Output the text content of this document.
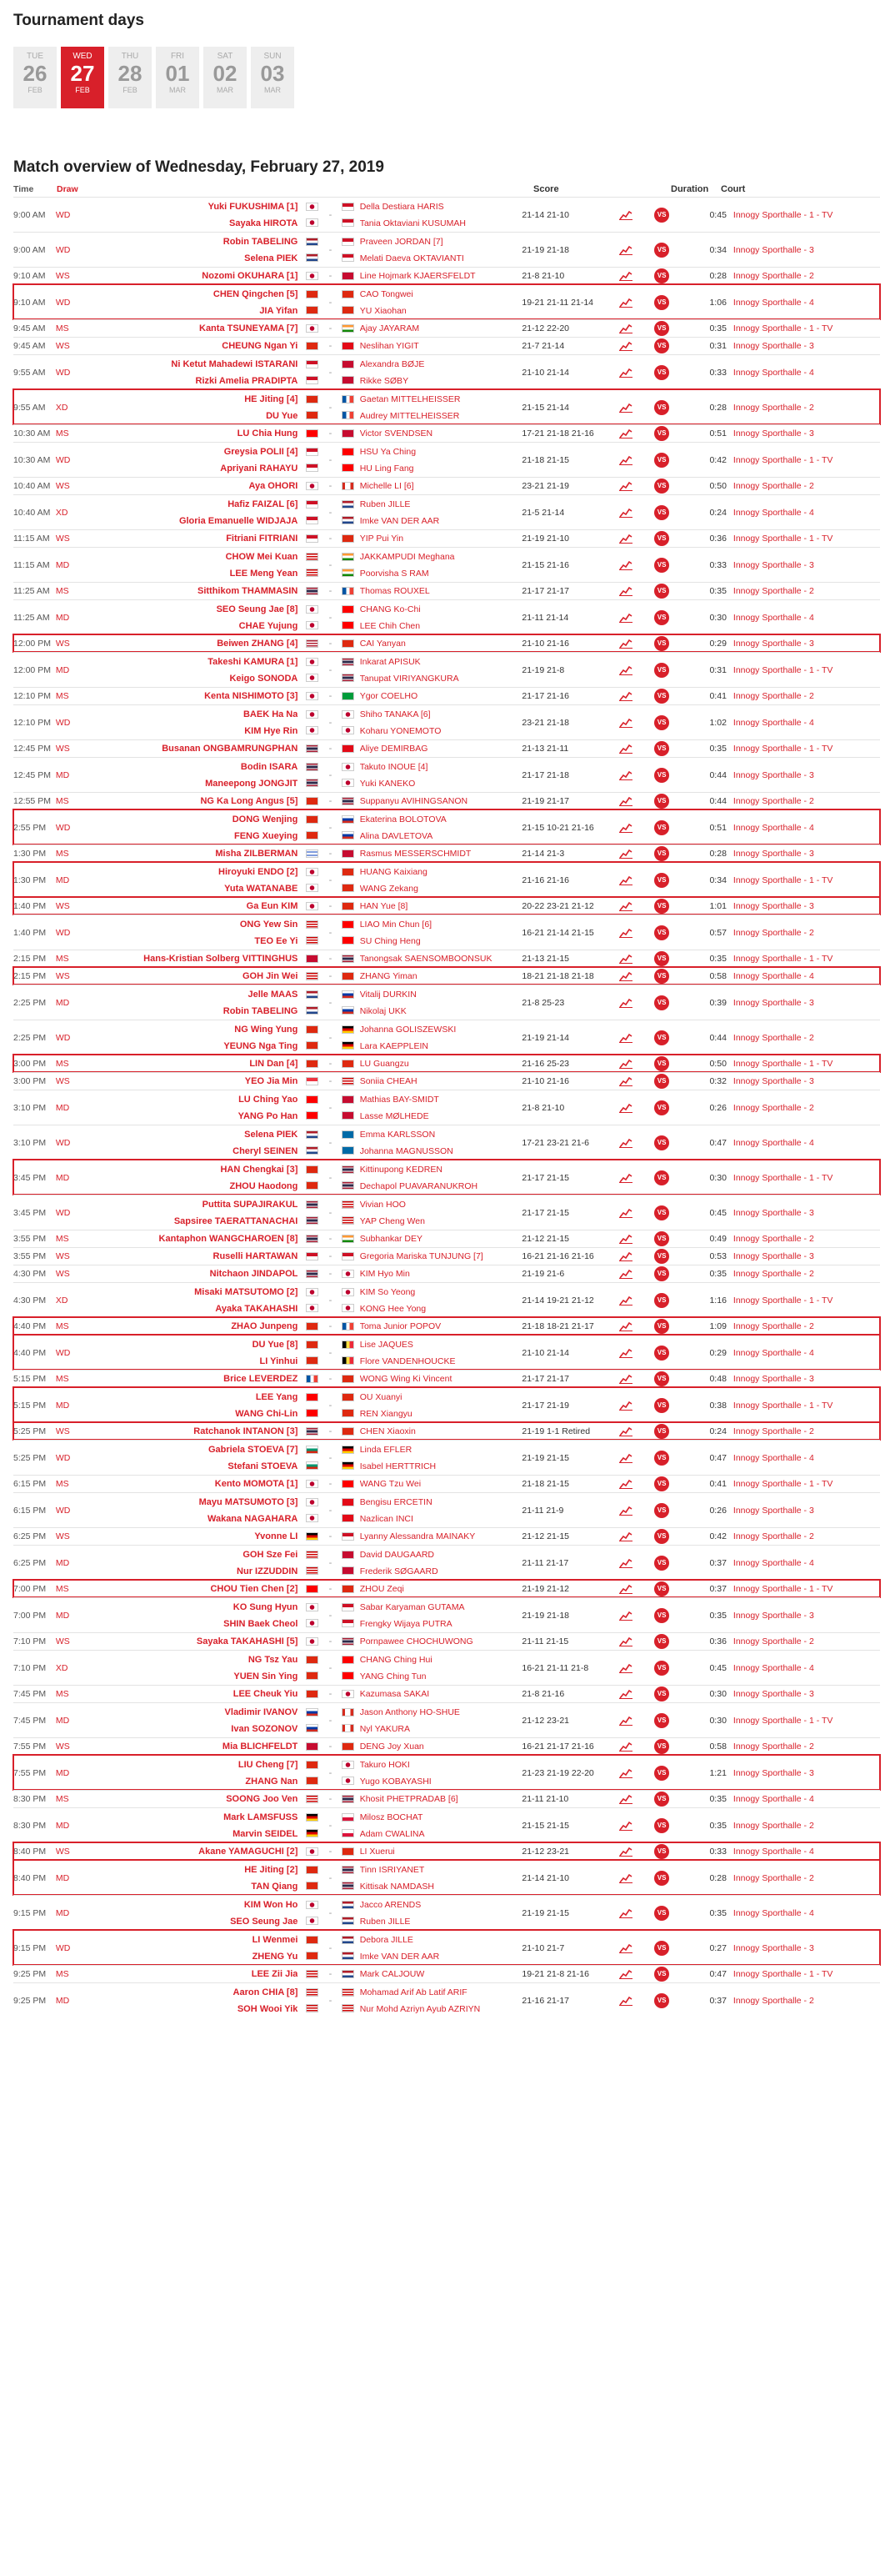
Tournament days
TUE
26
FEB
WED
27
FEB
THU
28
FEB
FRI
01
MAR
SAT
02
MAR
SUN
03
MAR
Match overview of Wednesday, February 27, 2019
Time	Draw	Score	Duration	Court
9:00 AM	WD
Yuki FUKUSHIMA [1]
Sayaka HIROTA
-
Della Destiara HARIS
Tania Oktaviani KUSUMAH
21-14 21-10	VS	0:45 Innogy Sporthalle - 1 - TV
9:00 AM	WD
Robin TABELING
Selena PIEK
-
Praveen JORDAN [7]
Melati Daeva OKTAVIANTI
21-19 21-18	VS	0:34 Innogy Sporthalle - 3
9:10 AM	WS	Nozomi OKUHARA [1]	-	Line Hojmark KJAERSFELDT	21-8 21-10	VS	0:28 Innogy Sporthalle - 2
9:10 AM	WD
CHEN Qingchen [5]
JIA Yifan
-
CAO Tongwei
YU Xiaohan
19-21 21-11 21-14	VS	1:06 Innogy Sporthalle - 4
9:45 AM	MS	Kanta TSUNEYAMA [7]	-	Ajay JAYARAM	21-12 22-20	VS	0:35 Innogy Sporthalle - 1 - TV
9:45 AM	WS	CHEUNG Ngan Yi	-	Neslihan YIGIT	21-7 21-14	VS	0:31 Innogy Sporthalle - 3
9:55 AM	WD
Ni Ketut Mahadewi ISTARANI
Rizki Amelia PRADIPTA
-
Alexandra BØJE
Rikke SØBY
21-10 21-14	VS	0:33 Innogy Sporthalle - 4
9:55 AM	XD
HE Jiting [4]
DU Yue
-
Gaetan MITTELHEISSER
Audrey MITTELHEISSER
21-15 21-14	VS	0:28 Innogy Sporthalle - 2
10:30 AM MS	LU Chia Hung	-	Victor SVENDSEN	17-21 21-18 21-16	VS	0:51 Innogy Sporthalle - 3
10:30 AM WD
Greysia POLII [4]
Apriyani RAHAYU
-
HSU Ya Ching
HU Ling Fang
21-18 21-15	VS	0:42 Innogy Sporthalle - 1 - TV
10:40 AM WS	Aya OHORI	-	Michelle LI [6]	23-21 21-19	VS	0:50 Innogy Sporthalle - 2
10:40 AM XD
Hafiz FAIZAL [6]
Gloria Emanuelle WIDJAJA
-
Ruben JILLE
Imke VAN DER AAR
21-5 21-14	VS	0:24 Innogy Sporthalle - 4
11:15 AM WS	Fitriani FITRIANI	-	YIP Pui Yin	21-19 21-10	VS	0:36 Innogy Sporthalle - 1 - TV
11:15 AM MD
CHOW Mei Kuan
LEE Meng Yean
-
JAKKAMPUDI Meghana
Poorvisha S RAM
21-15 21-16	VS	0:33 Innogy Sporthalle - 3
11:25 AM MS	Sitthikom THAMMASIN	-	Thomas ROUXEL	21-17 21-17	VS	0:35 Innogy Sporthalle - 2
11:25 AM MD
SEO Seung Jae [8]
CHAE Yujung
-
CHANG Ko-Chi
LEE Chih Chen
21-11 21-14	VS	0:30 Innogy Sporthalle - 4
12:00 PM WS	Beiwen ZHANG [4]	-	CAI Yanyan	21-10 21-16	VS	0:29 Innogy Sporthalle - 3
12:00 PM MD
Takeshi KAMURA [1]
Keigo SONODA
-
Inkarat APISUK
Tanupat VIRIYANGKURA
21-19 21-8	VS	0:31 Innogy Sporthalle - 1 - TV
12:10 PM MS	Kenta NISHIMOTO [3]	-	Ygor COELHO	21-17 21-16	VS	0:41 Innogy Sporthalle - 2
12:10 PM WD
BAEK Ha Na
KIM Hye Rin
-
Shiho TANAKA [6]
Koharu YONEMOTO
23-21 21-18	VS	1:02 Innogy Sporthalle - 4
12:45 PM WS	Busanan ONGBAMRUNGPHAN	-	Aliye DEMIRBAG	21-13 21-11	VS	0:35 Innogy Sporthalle - 1 - TV
12:45 PM MD
Bodin ISARA
Maneepong JONGJIT
-
Takuto INOUE [4]
Yuki KANEKO
21-17 21-18	VS	0:44 Innogy Sporthalle - 3
12:55 PM MS	NG Ka Long Angus [5]	-	Suppanyu AVIHINGSANON	21-19 21-17	VS	0:44 Innogy Sporthalle - 2
2:55 PM	WD
DONG Wenjing
FENG Xueying
-
Ekaterina BOLOTOVA
Alina DAVLETOVA
21-15 10-21 21-16	VS	0:51 Innogy Sporthalle - 4
1:30 PM	MS	Misha ZILBERMAN	-	Rasmus MESSERSCHMIDT	21-14 21-3	VS	0:28 Innogy Sporthalle - 3
1:30 PM	MD
Hiroyuki ENDO [2]
Yuta WATANABE
-
HUANG Kaixiang
WANG Zekang
21-16 21-16	VS	0:34 Innogy Sporthalle - 1 - TV
1:40 PM	WS	Ga Eun KIM	-	HAN Yue [8]	20-22 23-21 21-12	VS	1:01 Innogy Sporthalle - 3
1:40 PM	WD
ONG Yew Sin
TEO Ee Yi
-
LIAO Min Chun [6]
SU Ching Heng
16-21 21-14 21-15	VS	0:57 Innogy Sporthalle - 2
2:15 PM	MS	Hans-Kristian Solberg VITTINGHUS	-	Tanongsak SAENSOMBOONSUK	21-13 21-15	VS	0:35 Innogy Sporthalle - 1 - TV
2:15 PM	WS	GOH Jin Wei	-	ZHANG Yiman	18-21 21-18 21-18	VS	0:58 Innogy Sporthalle - 4
2:25 PM	MD
Jelle MAAS
Robin TABELING
-
Vitalij DURKIN
Nikolaj UKK
21-8 25-23	VS	0:39 Innogy Sporthalle - 3
2:25 PM	WD
NG Wing Yung
YEUNG Nga Ting
-
Johanna GOLISZEWSKI
Lara KAEPPLEIN
21-19 21-14	VS	0:44 Innogy Sporthalle - 2
3:00 PM	MS	LIN Dan [4]	-	LU Guangzu	21-16 25-23	VS	0:50 Innogy Sporthalle - 1 - TV
3:00 PM	WS	YEO Jia Min	-	Soniia CHEAH	21-10 21-16	VS	0:32 Innogy Sporthalle - 3
3:10 PM	MD
LU Ching Yao
YANG Po Han
-
Mathias BAY-SMIDT
Lasse MØLHEDE
21-8 21-10	VS	0:26 Innogy Sporthalle - 2
3:10 PM	WD
Selena PIEK
Cheryl SEINEN
-
Emma KARLSSON
Johanna MAGNUSSON
17-21 23-21 21-6	VS	0:47 Innogy Sporthalle - 4
3:45 PM	MD
HAN Chengkai [3]
ZHOU Haodong
-
Kittinupong KEDREN
Dechapol PUAVARANUKROH
21-17 21-15	VS	0:30 Innogy Sporthalle - 1 - TV
3:45 PM	WD
Puttita SUPAJIRAKUL
Sapsiree TAERATTANACHAI
-
Vivian HOO
YAP Cheng Wen
21-17 21-15	VS	0:45 Innogy Sporthalle - 3
3:55 PM	MS	Kantaphon WANGCHAROEN [8]	-	Subhankar DEY	21-12 21-15	VS	0:49 Innogy Sporthalle - 2
3:55 PM	WS	Ruselli HARTAWAN	-	Gregoria Mariska TUNJUNG [7]	16-21 21-16 21-16	VS	0:53 Innogy Sporthalle - 3
4:30 PM	WS	Nitchaon JINDAPOL	-	KIM Hyo Min	21-19 21-6	VS	0:35 Innogy Sporthalle - 2
4:30 PM	XD
Misaki MATSUTOMO [2]
Ayaka TAKAHASHI
-
KIM So Yeong
KONG Hee Yong
21-14 19-21 21-12	VS	1:16 Innogy Sporthalle - 1 - TV
4:40 PM	MS	ZHAO Junpeng	-	Toma Junior POPOV	21-18 18-21 21-17	VS	1:09 Innogy Sporthalle - 2
4:40 PM	WD
DU Yue [8]
LI Yinhui
-
Lise JAQUES
Flore VANDENHOUCKE
21-10 21-14	VS	0:29 Innogy Sporthalle - 4
5:15 PM	MS	Brice LEVERDEZ	-	WONG Wing Ki Vincent	21-17 21-17	VS	0:48 Innogy Sporthalle - 3
5:15 PM	MD
LEE Yang
WANG Chi-Lin
-
OU Xuanyi
REN Xiangyu
21-17 21-19	VS	0:38 Innogy Sporthalle - 1 - TV
5:25 PM	WS	Ratchanok INTANON [3]	-	CHEN Xiaoxin	21-19 1-1 Retired	VS	0:24 Innogy Sporthalle - 2
5:25 PM	WD
Gabriela STOEVA [7]
Stefani STOEVA
-
Linda EFLER
Isabel HERTTRICH
21-19 21-15	VS	0:47 Innogy Sporthalle - 4
6:15 PM	MS	Kento MOMOTA [1]	-	WANG Tzu Wei	21-18 21-15	VS	0:41 Innogy Sporthalle - 1 - TV
6:15 PM	WD
Mayu MATSUMOTO [3]
Wakana NAGAHARA
-
Bengisu ERCETIN
Nazlican INCI
21-11 21-9	VS	0:26 Innogy Sporthalle - 3
6:25 PM	WS	Yvonne LI	-	Lyanny Alessandra MAINAKY	21-12 21-15	VS	0:42 Innogy Sporthalle - 2
6:25 PM	MD
GOH Sze Fei
Nur IZZUDDIN
-
David DAUGAARD
Frederik SØGAARD
21-11 21-17	VS	0:37 Innogy Sporthalle - 4
7:00 PM	MS	CHOU Tien Chen [2]	-	ZHOU Zeqi	21-19 21-12	VS	0:37 Innogy Sporthalle - 1 - TV
7:00 PM	MD
KO Sung Hyun
SHIN Baek Cheol
-
Sabar Karyaman GUTAMA
Frengky Wijaya PUTRA
21-19 21-18	VS	0:35 Innogy Sporthalle - 3
7:10 PM	WS	Sayaka TAKAHASHI [5]	-	Pornpawee CHOCHUWONG	21-11 21-15	VS	0:36 Innogy Sporthalle - 2
7:10 PM	XD
NG Tsz Yau
YUEN Sin Ying
-
CHANG Ching Hui
YANG Ching Tun
16-21 21-11 21-8	VS	0:45 Innogy Sporthalle - 4
7:45 PM	MS	LEE Cheuk Yiu	-	Kazumasa SAKAI	21-8 21-16	VS	0:30 Innogy Sporthalle - 3
7:45 PM	MD
Vladimir IVANOV
Ivan SOZONOV
-
Jason Anthony HO-SHUE
Nyl YAKURA
21-12 23-21	VS	0:30 Innogy Sporthalle - 1 - TV
7:55 PM	WS	Mia BLICHFELDT	-	DENG Joy Xuan	16-21 21-17 21-16	VS	0:58 Innogy Sporthalle - 2
7:55 PM	MD
LIU Cheng [7]
ZHANG Nan
-
Takuro HOKI
Yugo KOBAYASHI
21-23 21-19 22-20	VS	1:21 Innogy Sporthalle - 3
8:30 PM	MS	SOONG Joo Ven	-	Khosit PHETPRADAB [6]	21-11 21-10	VS	0:35 Innogy Sporthalle - 4
8:30 PM	MD
Mark LAMSFUSS
Marvin SEIDEL
-
Milosz BOCHAT
Adam CWALINA
21-15 21-15	VS	0:35 Innogy Sporthalle - 2
8:40 PM	WS	Akane YAMAGUCHI [2]	-	LI Xuerui	21-12 23-21	VS	0:33 Innogy Sporthalle - 4
8:40 PM	MD
HE Jiting [2]
TAN Qiang
-
Tinn ISRIYANET
Kittisak NAMDASH
21-14 21-10	VS	0:28 Innogy Sporthalle - 2
9:15 PM	MD
KIM Won Ho
SEO Seung Jae
-
Jacco ARENDS
Ruben JILLE
21-19 21-15	VS	0:35 Innogy Sporthalle - 4
9:15 PM	WD
LI Wenmei
ZHENG Yu
-
Debora JILLE
Imke VAN DER AAR
21-10 21-7	VS	0:27 Innogy Sporthalle - 3
9:25 PM	MS	LEE Zii Jia	-	Mark CALJOUW	19-21 21-8 21-16	VS	0:47 Innogy Sporthalle - 1 - TV
9:25 PM	MD
Aaron CHIA [8]
SOH Wooi Yik
-
Mohamad Arif Ab Latif ARIF
Nur Mohd Azriyn Ayub AZRIYN
21-16 21-17	VS	0:37 Innogy Sporthalle - 2
